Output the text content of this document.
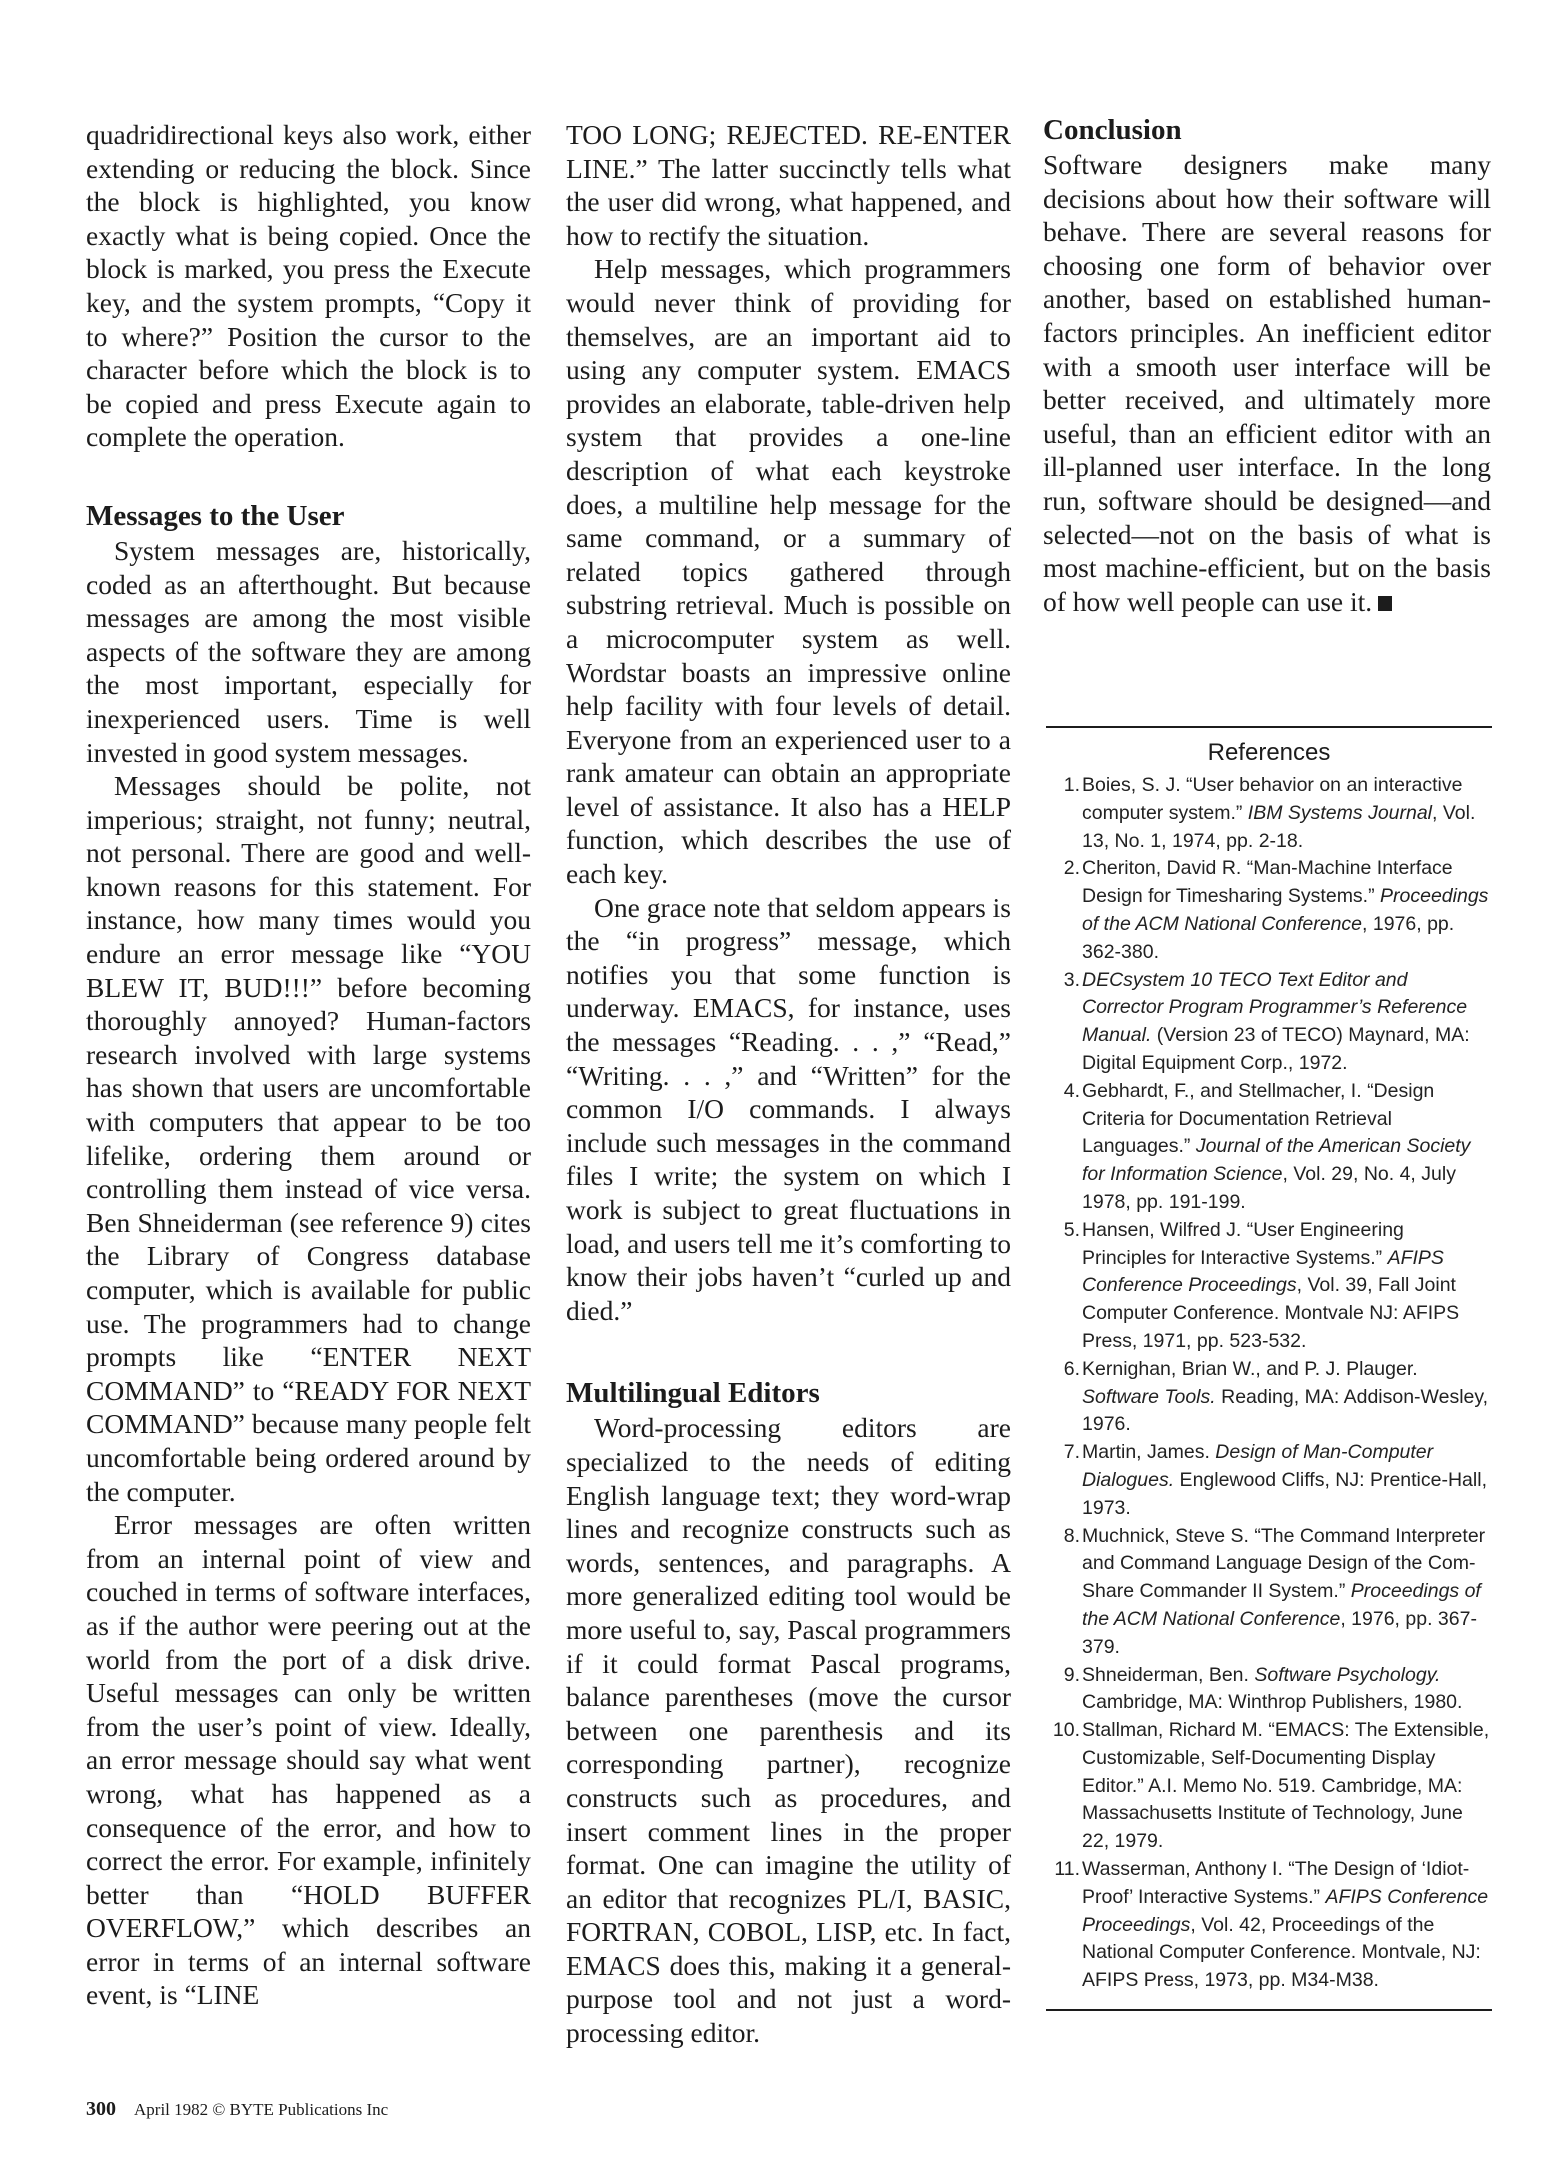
quadridirectional keys also work, either extending or reducing the block. Since the block is highlighted, you know exactly what is being copied. Once the block is marked, you press the Execute key, and the system prompts, “Copy it to where?” Position the cursor to the character before which the block is to be copied and press Execute again to complete the operation.

Messages to the User

System messages are, historically, coded as an afterthought. But because messages are among the most visible aspects of the software they are among the most important, especially for inexperienced users. Time is well invested in good system messages.

Messages should be polite, not imperious; straight, not funny; neutral, not personal. There are good and well-known reasons for this statement. For instance, how many times would you endure an error message like “YOU BLEW IT, BUD!!!” before becoming thoroughly annoyed? Human-factors research involved with large systems has shown that users are uncomfortable with computers that appear to be too lifelike, ordering them around or controlling them instead of vice versa. Ben Shneiderman (see reference 9) cites the Library of Congress database computer, which is available for public use. The programmers had to change prompts like “ENTER NEXT COMMAND” to “READY FOR NEXT COMMAND” because many people felt uncomfortable being ordered around by the computer.

Error messages are often written from an internal point of view and couched in terms of software interfaces, as if the author were peering out at the world from the port of a disk drive. Useful messages can only be written from the user’s point of view. Ideally, an error message should say what went wrong, what has happened as a consequence of the error, and how to correct the error. For example, infinitely better than “HOLD BUFFER OVERFLOW,” which describes an error in terms of an internal software event, is “LINE

TOO LONG; REJECTED. RE-ENTER LINE.” The latter succinctly tells what the user did wrong, what happened, and how to rectify the situation.

Help messages, which programmers would never think of providing for themselves, are an important aid to using any computer system. EMACS provides an elaborate, table-driven help system that provides a one-line description of what each keystroke does, a multiline help message for the same command, or a summary of related topics gathered through substring retrieval. Much is possible on a microcomputer system as well. Wordstar boasts an impressive online help facility with four levels of detail. Everyone from an experienced user to a rank amateur can obtain an appropriate level of assistance. It also has a HELP function, which describes the use of each key.

One grace note that seldom appears is the “in progress” message, which notifies you that some function is underway. EMACS, for instance, uses the messages “Reading. . . ,” “Read,” “Writing. . . ,” and “Written” for the common I/O commands. I always include such messages in the command files I write; the system on which I work is subject to great fluctuations in load, and users tell me it’s comforting to know their jobs haven’t “curled up and died.”

Multilingual Editors

Word-processing editors are specialized to the needs of editing English language text; they word-wrap lines and recognize constructs such as words, sentences, and paragraphs. A more generalized editing tool would be more useful to, say, Pascal programmers if it could format Pascal programs, balance parentheses (move the cursor between one parenthesis and its corresponding partner), recognize constructs such as procedures, and insert comment lines in the proper format. One can imagine the utility of an editor that recognizes PL/I, BASIC, FORTRAN, COBOL, LISP, etc. In fact, EMACS does this, making it a general-purpose tool and not just a word-processing editor.

Conclusion

Software designers make many decisions about how their software will behave. There are several reasons for choosing one form of behavior over another, based on established human-factors principles. An inefficient editor with a smooth user interface will be better received, and ultimately more useful, than an efficient editor with an ill-planned user interface. In the long run, software should be designed—and selected—not on the basis of what is most machine-efficient, but on the basis of how well people can use it.

References
1. Boies, S. J. “User behavior on an interactive computer system.” IBM Systems Journal, Vol. 13, No. 1, 1974, pp. 2-18.
2. Cheriton, David R. “Man-Machine Interface Design for Timesharing Systems.” Proceedings of the ACM National Conference, 1976, pp. 362-380.
3. DECsystem 10 TECO Text Editor and Corrector Program Programmer’s Reference Manual. (Version 23 of TECO) Maynard, MA: Digital Equipment Corp., 1972.
4. Gebhardt, F., and Stellmacher, I. “Design Criteria for Documentation Retrieval Languages.” Journal of the American Society for Information Science, Vol. 29, No. 4, July 1978, pp. 191-199.
5. Hansen, Wilfred J. “User Engineering Principles for Interactive Systems.” AFIPS Conference Proceedings, Vol. 39, Fall Joint Computer Conference. Montvale NJ: AFIPS Press, 1971, pp. 523-532.
6. Kernighan, Brian W., and P. J. Plauger. Software Tools. Reading, MA: Addison-Wesley, 1976.
7. Martin, James. Design of Man-Computer Dialogues. Englewood Cliffs, NJ: Prentice-Hall, 1973.
8. Muchnick, Steve S. “The Command Interpreter and Command Language Design of the Com-Share Commander II System.” Proceedings of the ACM National Conference, 1976, pp. 367-379.
9. Shneiderman, Ben. Software Psychology. Cambridge, MA: Winthrop Publishers, 1980.
10. Stallman, Richard M. “EMACS: The Extensible, Customizable, Self-Documenting Display Editor.” A.I. Memo No. 519. Cambridge, MA: Massachusetts Institute of Technology, June 22, 1979.
11. Wasserman, Anthony I. “The Design of ‘Idiot-Proof’ Interactive Systems.” AFIPS Conference Proceedings, Vol. 42, Proceedings of the National Computer Conference. Montvale, NJ: AFIPS Press, 1973, pp. M34-M38.
300 April 1982 © BYTE Publications Inc
